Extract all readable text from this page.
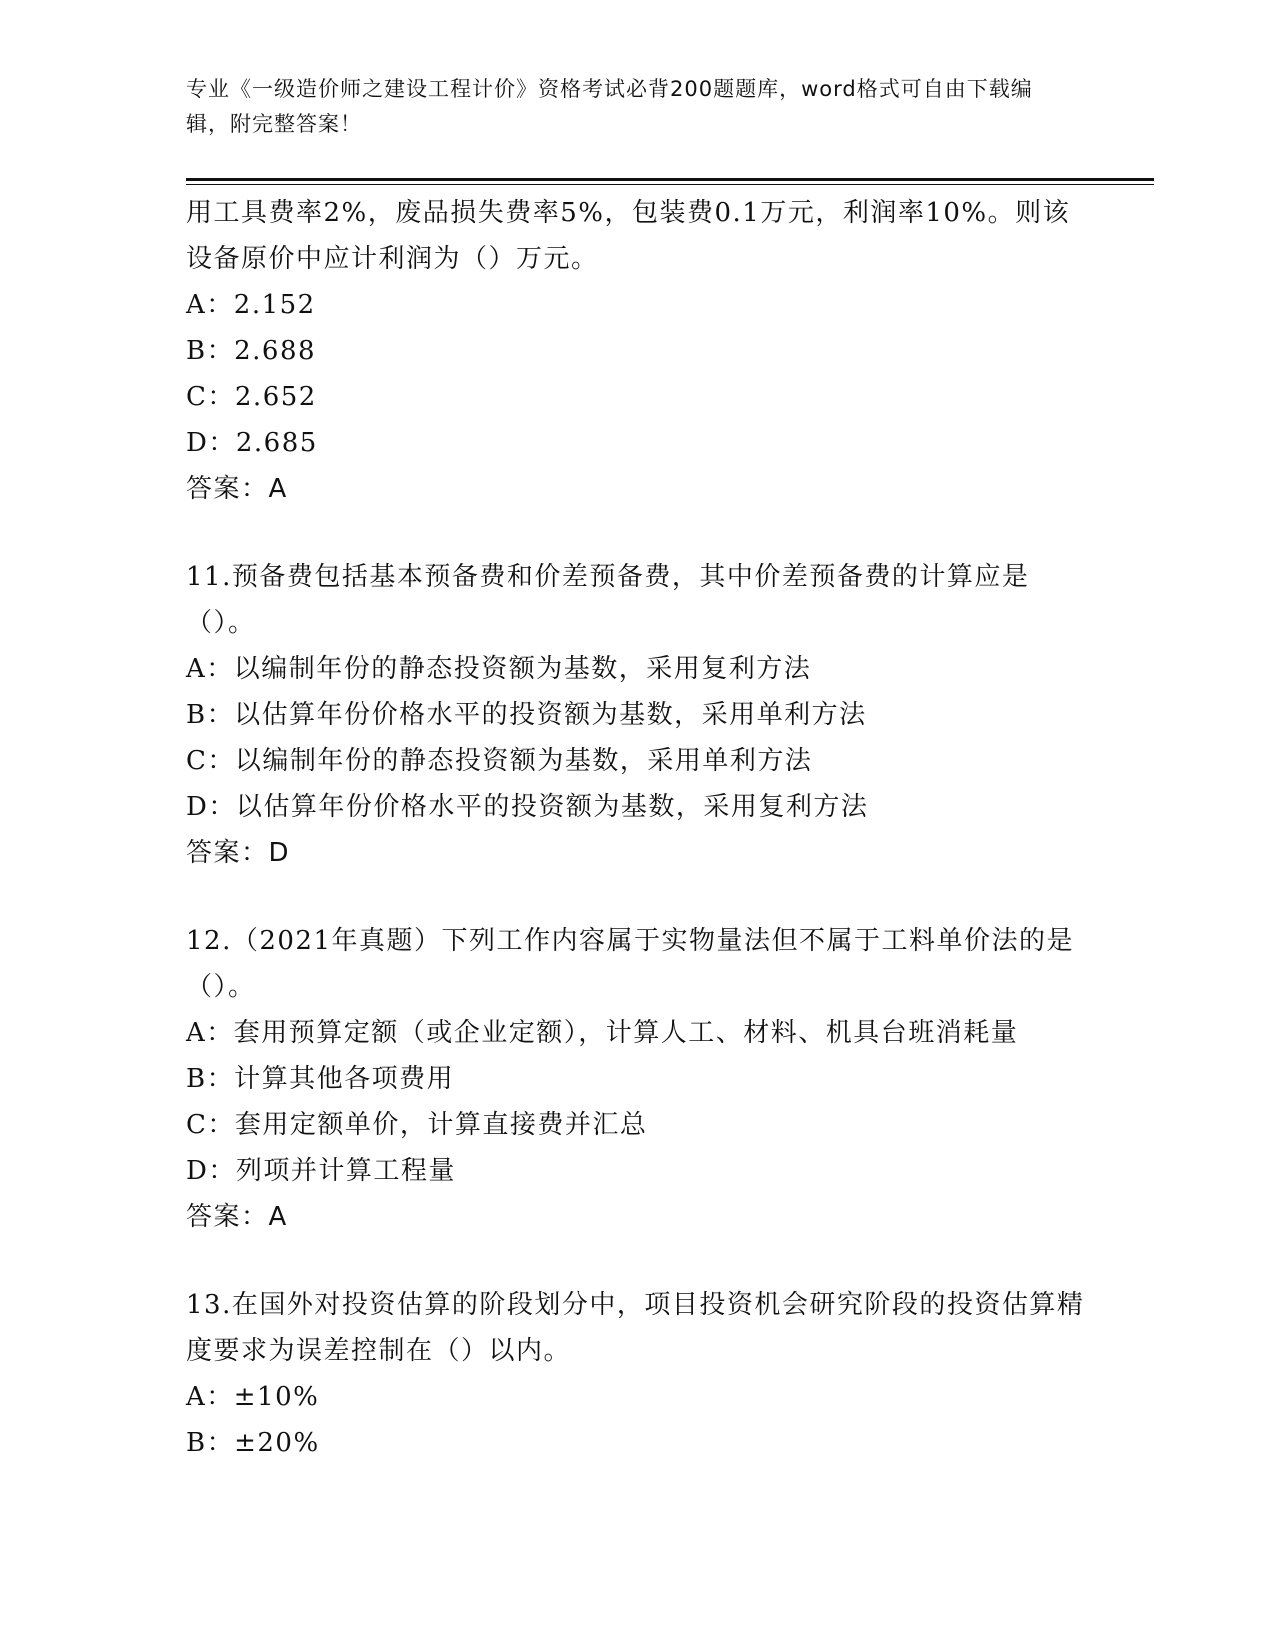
专业《一级造价师之建设工程计价》资格考试必背200题题库，word格式可自由下载编辑，附完整答案！
用工具费率2%，废品损失费率5%，包装费0.1万元，利润率10%。则该设备原价中应计利润为（）万元。
A：2.152
B：2.688
C：2.652
D：2.685
答案：A
11.预备费包括基本预备费和价差预备费，其中价差预备费的计算应是（）。
A：以编制年份的静态投资额为基数，采用复利方法
B：以估算年份价格水平的投资额为基数，采用单利方法
C：以编制年份的静态投资额为基数，采用单利方法
D：以估算年份价格水平的投资额为基数，采用复利方法
答案：D
12.（2021年真题）下列工作内容属于实物量法但不属于工料单价法的是（）。
A：套用预算定额（或企业定额），计算人工、材料、机具台班消耗量
B：计算其他各项费用
C：套用定额单价，计算直接费并汇总
D：列项并计算工程量
答案：A
13.在国外对投资估算的阶段划分中，项目投资机会研究阶段的投资估算精度要求为误差控制在（）以内。
A：±10%
B：±20%
